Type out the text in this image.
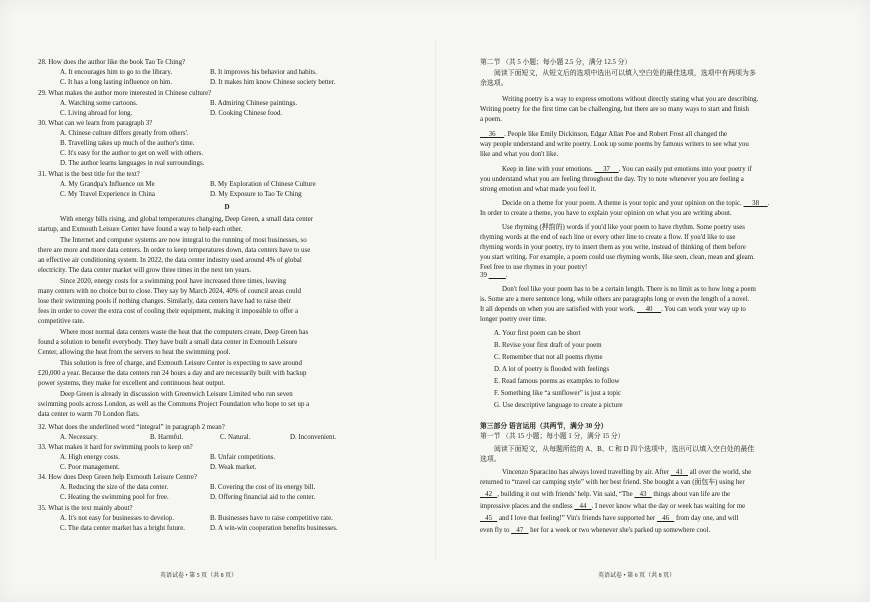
28. How does the author like the book Tao Te Ching?
A. It encourages him to go to the library.	B. It improves his behavior and habits.
C. It has a long lasting influence on him.	D. It makes him know Chinese society better.
29. What makes the author more interested in Chinese culture?
A. Watching some cartoons.	B. Admiring Chinese paintings.
C. Living abroad for long.	D. Cooking Chinese food.
30. What can we learn from paragraph 3?
A. Chinese culture differs greatly from others'.
B. Travelling takes up much of the author's time.
C. It's easy for the author to get on well with others.
D. The author learns languages in real surroundings.
31. What is the best title for the text?
A. My Grandpa's Influence on Me	B. My Exploration of Chinese Culture
C. My Travel Experience in China	D. My Exposure to Tao Te Ching
D
With energy bills rising, and global temperatures changing, Deep Green, a small data center
startup, and Exmouth Leisure Center have found a way to help each other.
The Internet and computer systems are now integral to the running of most businesses, so
there are more and more data centers. In order to keep temperatures down, data centers have to use
an effective air conditioning system. In 2022, the data center industry used around 4% of global
electricity. The data center market will grow three times in the next ten years.
Since 2020, energy costs for a swimming pool have increased three times, leaving
many centers with no choice but to close. They say by March 2024, 40% of council areas could
lose their swimming pools if nothing changes. Similarly, data centers have had to raise their
fees in order to cover the extra cost of cooling their equipment, making it impossible to offer a
competitive rate.
Where most normal data centers waste the heat that the computers create, Deep Green has
found a solution to benefit everybody. They have built a small data center in Exmouth Leisure
Center, allowing the heat from the servers to heat the swimming pool.
This solution is free of charge, and Exmouth Leisure Center is expecting to save around
£20,000 a year. Because the data centers run 24 hours a day and are necessarily built with backup
power systems, they make for excellent and continuous heat output.
Deep Green is already in discussion with Greenwich Leisure Limited who run seven
swimming pools across London, as well as the Commons Project Foundation who hope to set up a
data center to warm 70 London flats.
32. What does the underlined word “integral” in paragraph 2 mean?
A. Necessary.	B. Harmful.	C. Natural.	D. Inconvenient.
33. What makes it hard for swimming pools to keep on?
A. High energy costs.	B. Unfair competitions.
C. Poor management.	D. Weak market.
34. How does Deep Green help Exmouth Leisure Centre?
A. Reducing the size of the data center.	B. Covering the cost of its energy bill.
C. Heating the swimming pool for free.	D. Offering financial aid to the center.
35. What is the text mainly about?
A. It's not easy for businesses to develop.	B. Businesses have to raise competitive rate.
C. The data center market has a bright future.	D. A win-win cooperation benefits businesses.
英语试卷 • 第 5 页（共 8 页）
第二节 （共 5 小题；每小题 2.5 分，满分 12.5 分）
阅读下面短文，从短文后的选项中选出可以填入空白处的最佳选项，选项中有两项为多
余选项。
Writing poetry is a way to express emotions without directly stating what you are describing.
Writing poetry for the first time can be challenging, but there are so many ways to start and finish
a poem.
36 . People like Emily Dickinson, Edgar Allan Poe and Robert Frost all changed the
way people understand and write poetry. Look up some poems by famous writers to see what you
like and what you don't like.
Keep in line with your emotions. 37 . You can easily put emotions into your poetry if
you understand what you are feeling throughout the day. Try to note whenever you are feeling a
strong emotion and what made you feel it.
Decide on a theme for your poem. A theme is your topic and your opinion on the topic. 38 .
In order to create a theme, you have to explain your opinion on what you are writing about.
Use rhyming (押韵的) words if you'd like your poem to have rhythm. Some poetry uses
rhyming words at the end of each line or every other line to create a flow. If you'd like to use
rhyming words in your poetry, try to insert them as you write, instead of thinking of them before
you start writing. For example, a poem could use rhyming words, like seen, clean, mean and gleam.
Feel free to use rhymes in your poetry!
39	.
Don't feel like your poem has to be a certain length. There is no limit as to how long a poem
is. Some are a mere sentence long, while others are paragraphs long or even the length of a novel.
It all depends on when you are satisfied with your work. 40 . You can work your way up to
longer poetry over time.
A. Your first poem can be short
B. Revise your first draft of your poem
C. Remember that not all poems rhyme
D. A lot of poetry is flooded with feelings
E. Read famous poems as examples to follow
F. Something like “a sunflower” is just a topic
G. Use descriptive language to create a picture
第三部分 语言运用（共两节，满分 30 分）
第一节 （共 15 小题；每小题 1 分，满分 15 分）
阅读下面短文，从每题所给的 A、B、C 和 D 四个选项中，选出可以填入空白处的最佳
选项。
Vincenzo Sparacino has always loved travelling by air. After 41 all over the world, she
returned to “travel car camping style” with her best friend. She bought a van (面包车) using her
42 , building it out with friends' help. Vin said, “The 43 things about van life are the
impressive places and the endless 44 . I never know what the day or week has waiting for me
45 and I love that feeling!” Vin's friends have supported her 46 from day one, and will
even fly to 47 her for a week or two whenever she's parked up somewhere cool.
英语试卷 • 第 6 页（共 8 页）
